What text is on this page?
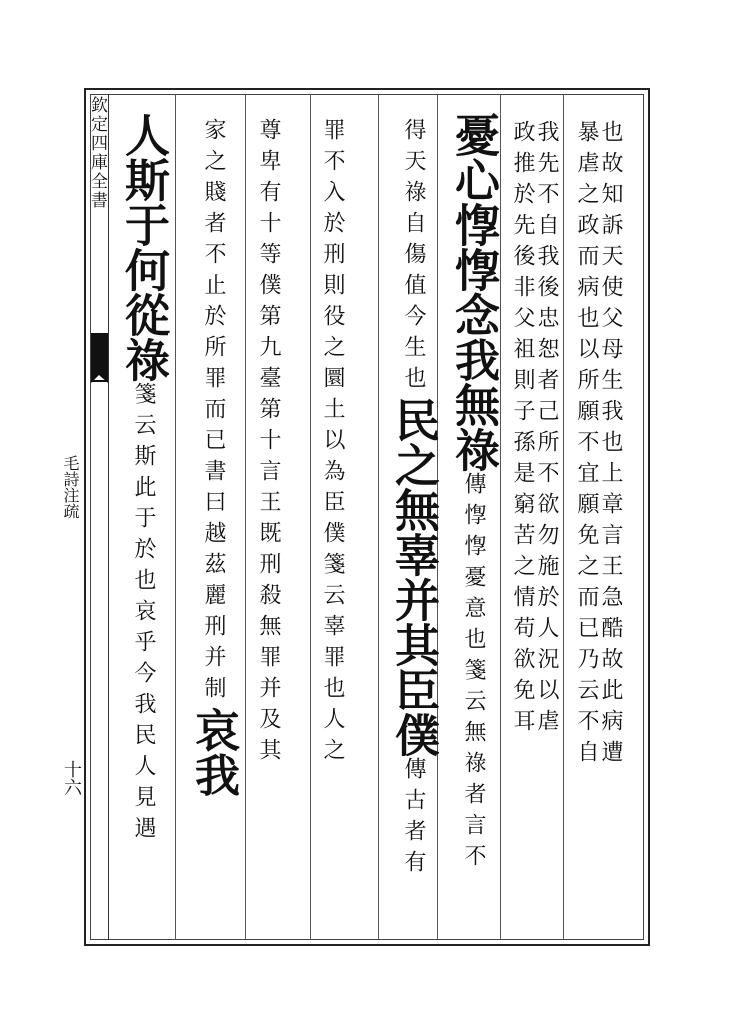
欽定四庫全書
毛詩注疏
十六
也故知訴天使父母生我也上章言王急酷故此病遭
暴虐之政而病也以所願不宜願免之而已乃云不自
我先不自我後忠恕者己所不欲勿施於人況以虐
政推於先後非父祖則子孫是窮苦之情苟欲免耳
憂心惸惸念我無祿傳惸惸憂意也箋云無祿者言不
得天祿自傷值今生也民之無辜并其臣僕傳古者有
罪不入於刑則役之圜土以為臣僕箋云辜罪也人之
尊卑有十等僕第九臺第十言王既刑殺無罪并及其
家之賤者不止於所罪而已書曰越茲麗刑并制哀我
人斯于何從祿箋云斯此于於也哀乎今我民人見遇
